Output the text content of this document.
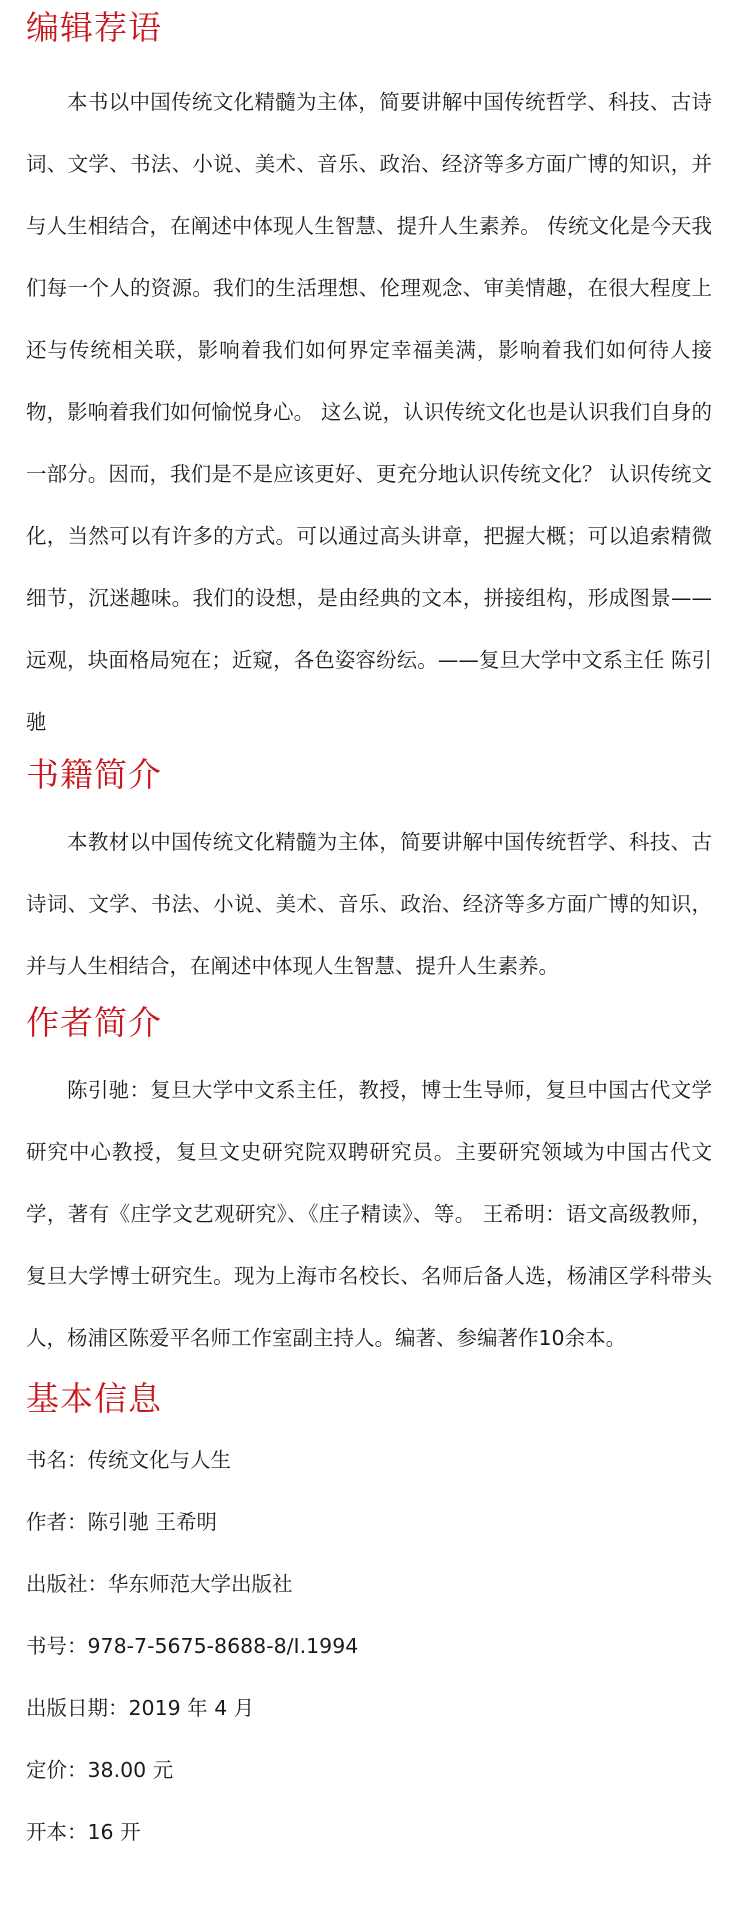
编辑荐语

本书以中国传统文化精髓为主体，简要讲解中国传统哲学、科技、古诗词、文学、书法、小说、美术、音乐、政治、经济等多方面广博的知识，并与人生相结合，在阐述中体现人生智慧、提升人生素养。 传统文化是今天我们每一个人的资源。我们的生活理想、伦理观念、审美情趣，在很大程度上还与传统相关联，影响着我们如何界定幸福美满，影响着我们如何待人接物，影响着我们如何愉悦身心。 这么说，认识传统文化也是认识我们自身的一部分。因而，我们是不是应该更好、更充分地认识传统文化？ 认识传统文化，当然可以有许多的方式。可以通过高头讲章，把握大概；可以追索精微细节，沉迷趣味。我们的设想，是由经典的文本，拼接组构，形成图景——远观，块面格局宛在；近窥，各色姿容纷纭。——复旦大学中文系主任 陈引驰

书籍简介

本教材以中国传统文化精髓为主体，简要讲解中国传统哲学、科技、古诗词、文学、书法、小说、美术、音乐、政治、经济等多方面广博的知识，并与人生相结合，在阐述中体现人生智慧、提升人生素养。

作者简介

陈引驰：复旦大学中文系主任，教授，博士生导师，复旦中国古代文学研究中心教授，复旦文史研究院双聘研究员。主要研究领域为中国古代文学，著有《庄学文艺观研究》、《庄子精读》、等。 王希明：语文高级教师，复旦大学博士研究生。现为上海市名校长、名师后备人选，杨浦区学科带头人，杨浦区陈爱平名师工作室副主持人。编著、参编著作10余本。

基本信息
书名：传统文化与人生
作者：陈引驰 王希明
出版社：华东师范大学出版社
书号：978-7-5675-8688-8/I.1994
出版日期：2019 年 4 月
定价：38.00 元
开本：16 开
